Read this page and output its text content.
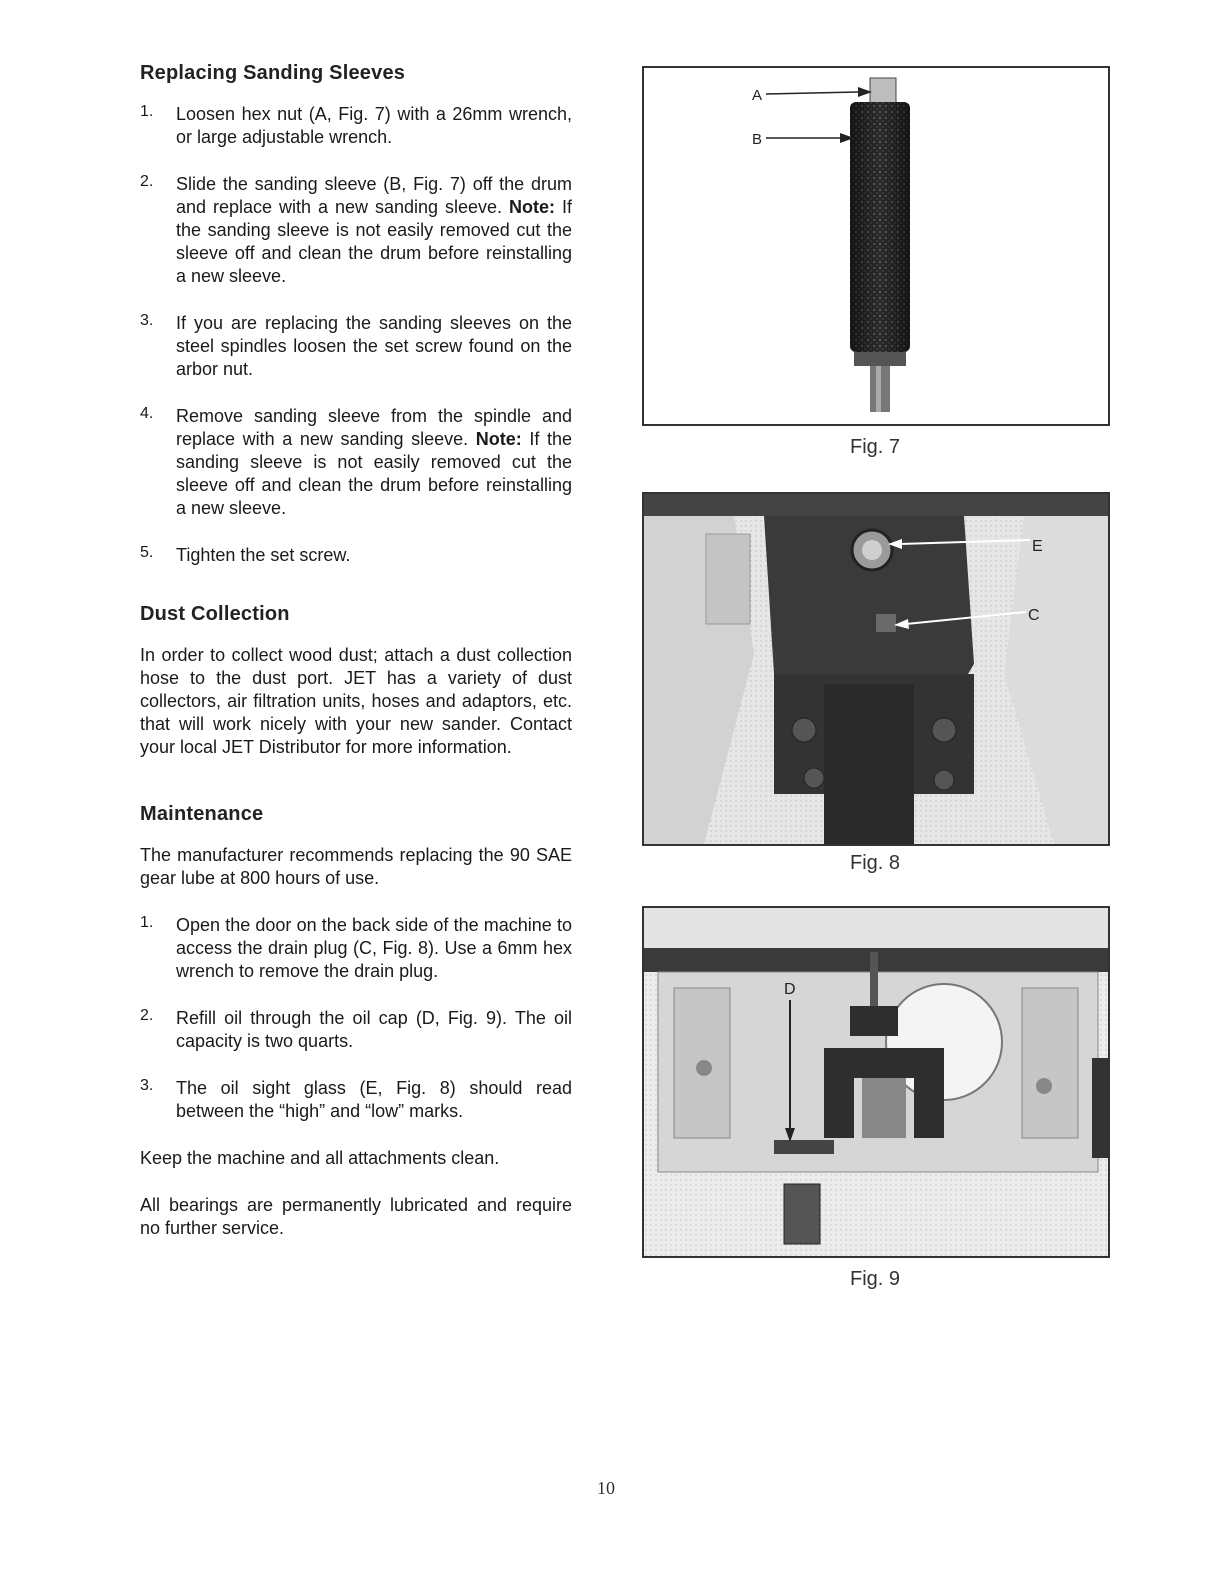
Replacing Sanding Sleeves
1. Loosen hex nut (A, Fig. 7) with a 26mm wrench, or large adjustable wrench.

2. Slide the sanding sleeve (B, Fig. 7) off the drum and replace with a new sanding sleeve. Note: If the sanding sleeve is not easily removed cut the sleeve off and clean the drum before reinstalling a new sleeve.

3. If you are replacing the sanding sleeves on the steel spindles loosen the set screw found on the arbor nut.

4. Remove sanding sleeve from the spindle and replace with a new sanding sleeve. Note: If the sanding sleeve is not easily removed cut the sleeve off and clean the drum before reinstalling a new sleeve.

5. Tighten the set screw.

Dust Collection

In order to collect wood dust; attach a dust collection hose to the dust port. JET has a variety of dust collectors, air filtration units, hoses and adaptors, etc. that will work nicely with your new sander. Contact your local JET Distributor for more information.

Maintenance

The manufacturer recommends replacing the 90 SAE gear lube at 800 hours of use.

1. Open the door on the back side of the machine to access the drain plug (C, Fig. 8). Use a 6mm hex wrench to remove the drain plug.

2. Refill oil through the oil cap (D, Fig. 9). The oil capacity is two quarts.

3. The oil sight glass (E, Fig. 8) should read between the “high” and “low” marks.

Keep the machine and all attachments clean.

All bearings are permanently lubricated and require no further service.

A
B
Fig. 7
E
C
Fig. 8
D
Fig. 9
10
